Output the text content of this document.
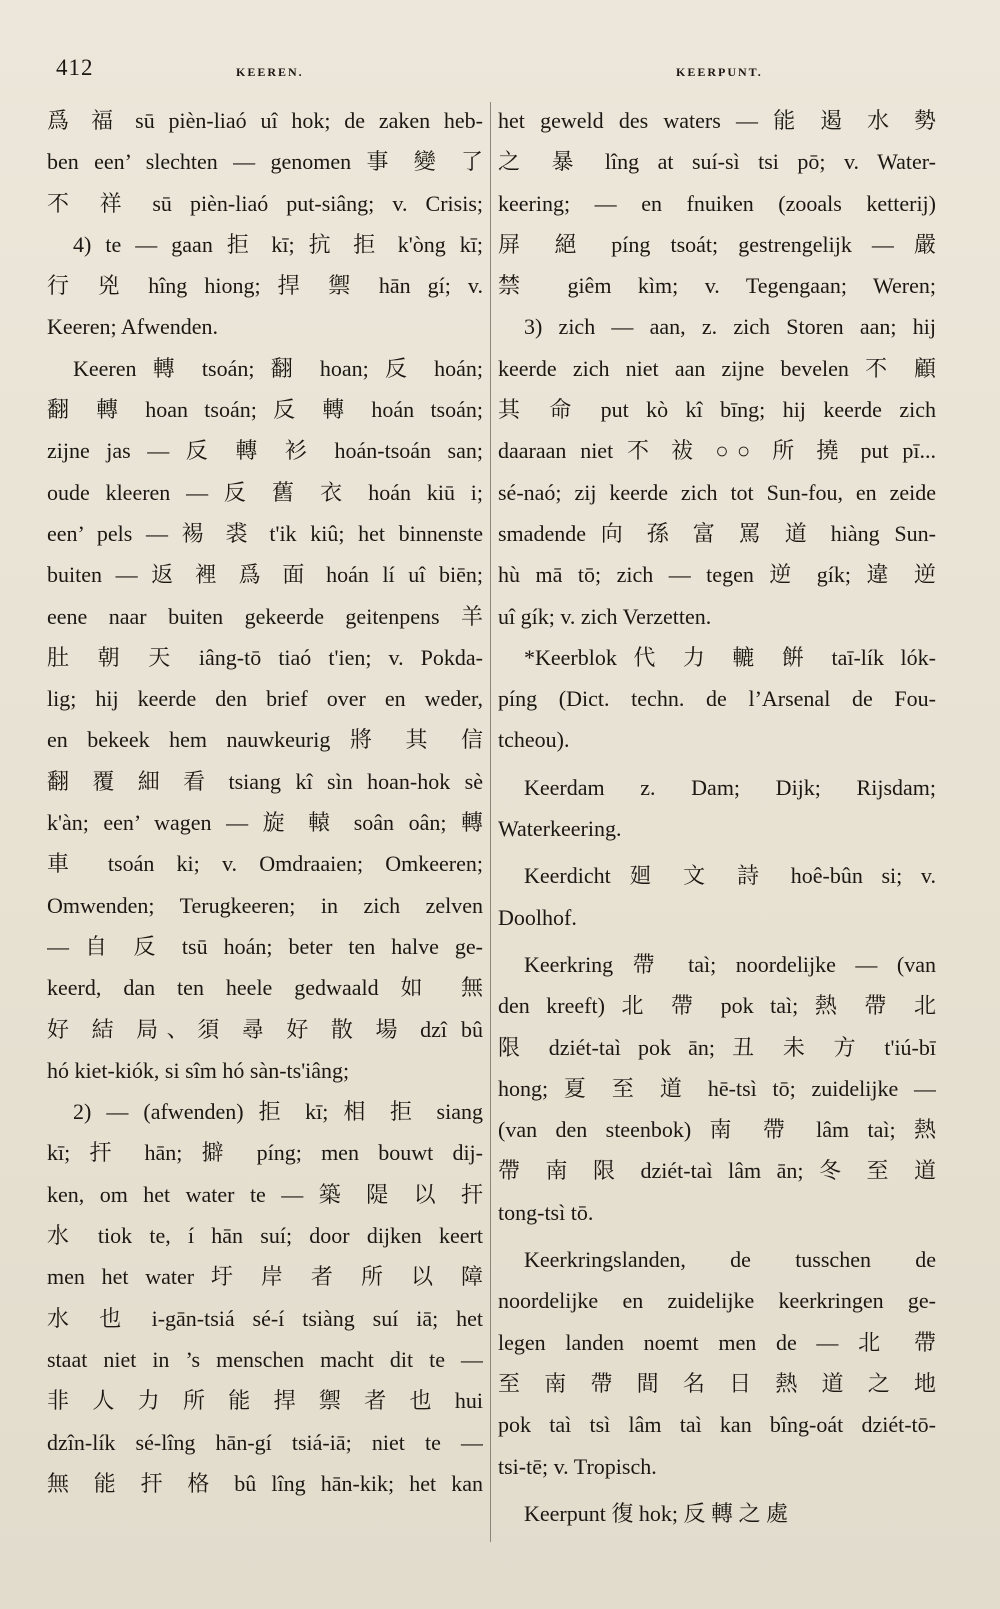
412	KEEREN.	KEERPUNT.
爲 福 sū pièn-liaó uî hok; de zaken heb-
ben een’ slechten — genomen 事 變 了
不 祥 sū pièn-liaó put-siâng; v. Crisis;
4) te — gaan 拒 kī; 抗 拒 k'òng kī;
行 兇 hîng hiong; 捍 禦 hān gí; v.
Keeren; Afwenden.
Keeren 轉 tsoán; 翻 hoan; 反 hoán;
翻 轉 hoan tsoán; 反 轉 hoán tsoán;
zijne jas — 反 轉 衫 hoán-tsoán san;
oude kleeren — 反 舊 衣 hoán kiū i;
een’ pels — 裼 裘 t'ik kiû; het binnenste
buiten — 返 裡 爲 面 hoán lí uî biēn;
eene naar buiten gekeerde geitenpens 羊
肚 朝 天 iâng-tō tiaó t'ien; v. Pokda-
lig; hij keerde den brief over en weder,
en bekeek hem nauwkeurig 將 其 信
翻 覆 細 看 tsiang kî sìn hoan-hok sè
k'àn; een’ wagen — 旋 轅 soân oân; 轉
車 tsoán ki; v. Omdraaien; Omkeeren;
Omwenden; Terugkeeren; in zich zelven
— 自 反 tsū hoán; beter ten halve ge-
keerd, dan ten heele gedwaald 如 無
好 結 局、須 尋 好 散 場 dzî bû
hó kiet-kiók, si sîm hó sàn-ts'iâng;
2) — (afwenden) 拒 kī; 相 拒 siang
kī; 扞 hān; 擗 píng; men bouwt dij-
ken, om het water te — 築 隄 以 扞
水 tiok te, í hān suí; door dijken keert
men het water 圩 岸 者 所 以 障
水 也 i-gān-tsiá sé-í tsiàng suí iā; het
staat niet in ’s menschen macht dit te —
非 人 力 所 能 捍 禦 者 也 hui
dzîn-lík sé-lîng hān-gí tsiá-iā; niet te —
無 能 扞 格 bû lîng hān-kik; het kan
het geweld des waters — 能 遏 水 勢
之 暴 lîng at suí-sì tsi pō; v. Water-
keering; — en fnuiken (zooals ketterij)
屏 絕 píng tsoát; gestrengelijk — 嚴
禁 giêm kìm; v. Tegengaan; Weren;
3) zich — aan, z. zich Storen aan; hij
keerde zich niet aan zijne bevelen 不 顧
其 命 put kò kî bīng; hij keerde zich
daaraan niet 不 祓 ○○ 所 撓 put pī...
sé-naó; zij keerde zich tot Sun-fou, en zeide
smadende 向 孫 富 罵 道 hiàng Sun-
hù mā tō; zich — tegen 逆 gík; 違 逆
uî gík; v. zich Verzetten.
*Keerblok 代 力 轆 餠 taī-lík lók-
píng (Dict. techn. de l’Arsenal de Fou-
tcheou).
Keerdam z. Dam; Dijk; Rijsdam;
Waterkeering.
Keerdicht 廻 文 詩 hoê-bûn si; v.
Doolhof.
Keerkring 帶 taì; noordelijke — (van
den kreeft) 北 帶 pok taì; 熱 帶 北
限 dziét-taì pok ān; 丑 未 方 t'iú-bī
hong; 夏 至 道 hē-tsì tō; zuidelijke —
(van den steenbok) 南 帶 lâm taì; 熱
帶 南 限 dziét-taì lâm ān; 冬 至 道
tong-tsì tō.
Keerkringslanden, de tusschen de
noordelijke en zuidelijke keerkringen ge-
legen landen noemt men de — 北 帶
至 南 帶 間 名 日 熱 道 之 地
pok taì tsì lâm taì kan bîng-oát dziét-tō-
tsi-tē; v. Tropisch.
Keerpunt 復 hok; 反 轉 之 處
